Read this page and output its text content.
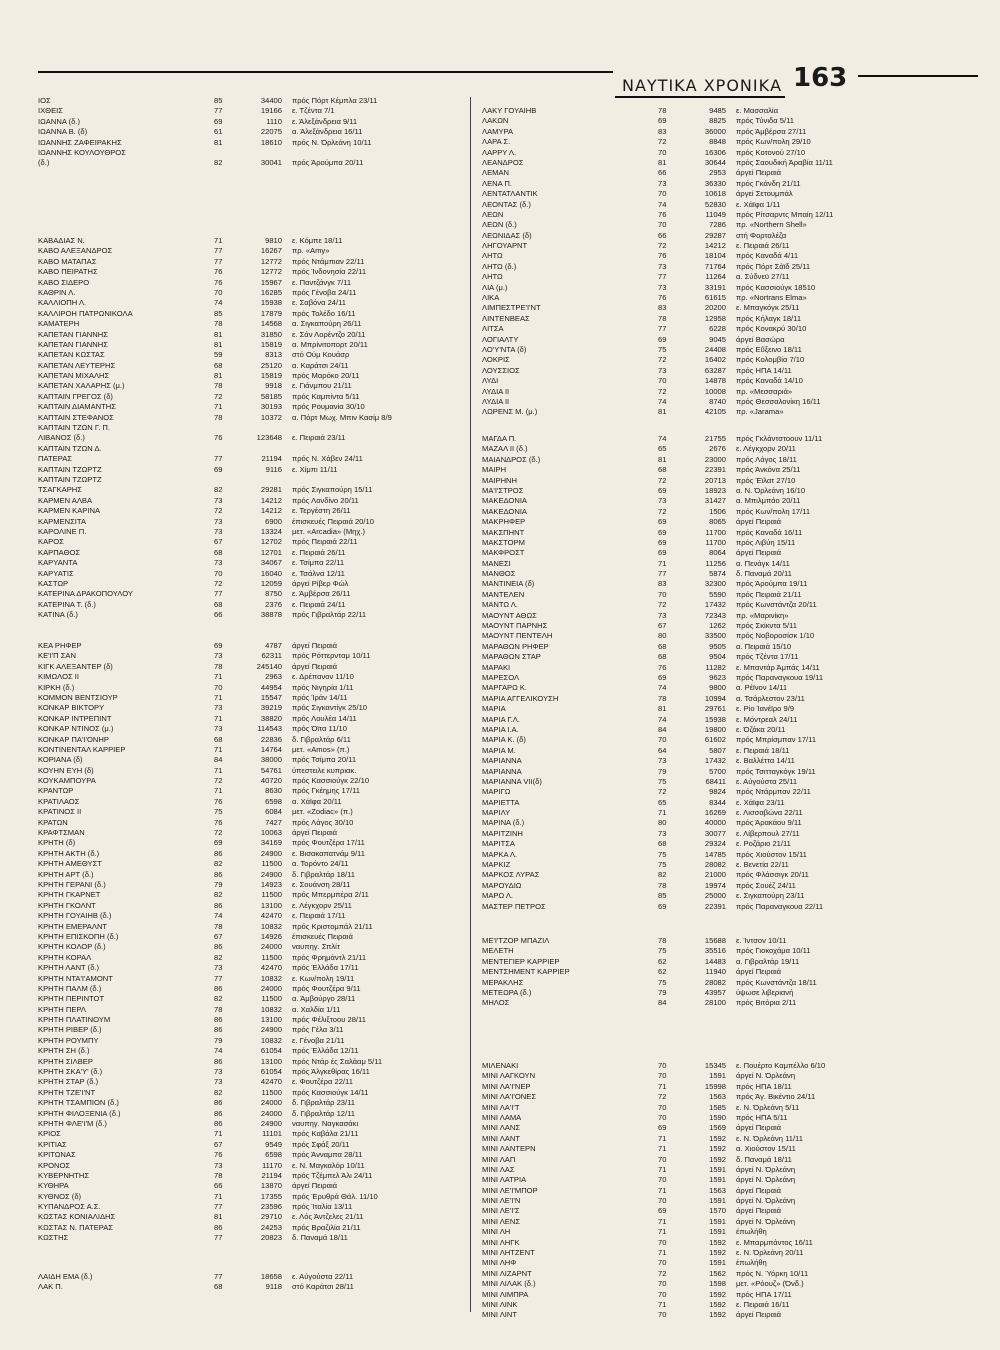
ΝΑΥΤΙΚΑ ΧΡΟΝΙΚΑ 163
ΙΟΣ	85	34400 πρός Πόρτ Κέμπλα 23/11
ΙΧΘΕΙΣ	77	19166 ε. Τζέντα 7/1
ΙΩΑΝΝΑ (δ.)	69	1110 ε. Άλεξάνδρεια 9/11
ΙΩΑΝΝΑ Β. (δ)	61	22075 α. Άλεξάνδρεια 16/11
ΙΩΑΝΝΗΣ ΖΑΦΕΙΡΑΚΗΣ	81	18610 πρός Ν. Όρλεάνη 10/11
ΙΩΑΝΝΗΣ ΚΟΥΛΟΥΘΡΟΣ
(δ.)	82	30041 πρός Άρούμπα 20/11
ΚΑΒΑΔΙΑΣ Ν.	71	9810 ε. Κόμπε 18/11
ΚΑΒΟ ΑΛΕΞΑΝΔΡΟΣ	77	16267 πρ. «Αmy»
ΚΑΒΟ ΜΑΤΑΠΑΣ	77	12772 πρός Ντάμπιαν 22/11
ΚΑΒΟ ΠΕΙΡΑΤΗΣ	76	12772 πρός Ίνδονησία 22/11
ΚΑΒΟ ΣΙΔΕΡΟ	76	15967 ε. Παντζάνγκ 7/11
ΚΑΘΡΙΝ Λ.	70	16285 πρός Γένοβα 24/11
ΚΑΛΛΙΟΠΗ Λ.	74	15938 ε. Σαβόνα 24/11
ΚΑΛΛΙΡΟΗ ΠΑΤΡΩΝΙΚΟΛΑ	85	17879 πρός Τολέδο 16/11
ΚΑΜΑΤΕΡΗ	78	14568 α. Σιγκαπούρη 26/11
ΚΑΠΕΤΑΝ ΓΙΑΝΝΗΣ	81	31850 ε. Σάν Λορέντζο 20/11
ΚΑΠΕΤΑΝ ΓΙΑΝΝΗΣ	81	15819 α. Μπρίνιτοπορτ 20/11
ΚΑΠΕΤΑΝ ΚΩΣΤΑΣ	59	8313 στό Ούμ Κουάσρ
ΚΑΠΕΤΑΝ ΛΕΥΤΕΡΗΣ	68	25120 α. Καράτσι 24/11
ΚΑΠΕΤΑΝ ΜΙΧΑΛΗΣ	81	15819 πρός Μαρόκο 20/11
ΚΑΠΕΤΑΝ ΧΑΛΑΡΗΣ (μ.)	78	9918 ε. Γιάνμπου 21/11
ΚΑΠΤΑΙΝ ΓΡΕΓΟΣ (δ)	72	58185 πρός Καμπίντα 5/11
ΚΑΠΤΑΙΝ ΔΙΑΜΑΝΤΗΣ	71	30193 πρός Ρουμανία 30/10
ΚΑΠΤΑΙΝ ΣΤΕΦΑΝΟΣ	78	10372 α. Πόρτ Μωχ. Μπιν Κασίμ 8/9
ΚΑΠΤΑΙΝ ΤΖΩΝ Γ. Π.
ΛΙΒΑΝΟΣ (δ.)	76	123648 ε. Πειραιά 23/11
ΚΑΠΤΑΙΝ ΤΖΩΝ Δ.
ΠΑΤΕΡΑΣ	77	21194 πρός Ν. Χάβεν 24/11
ΚΑΠΤΑΙΝ ΤΖΩΡΤΖ	69	9116 ε. Χίμπι 11/11
ΚΑΠΤΑΙΝ ΤΖΩΡΤΖ
ΤΣΑΓΚΑΡΗΣ	82	29281 πρός Σιγκαπούρη 15/11
ΚΑΡΜΕΝ ΑΛΒΑ	73	14212 πρός Λονδίνο 20/11
ΚΑΡΜΕΝ ΚΑΡΙΝΑ	72	14212 ε. Τεργέστη 26/11
ΚΑΡΜΕΝΣΙΤΑ	73	6900 έπισκευές Πειραιά 20/10
ΚΑΡΟΛΙΝΕ Π.	73	13324 μετ. «Arcadia» (Μηχ.)
ΚΑΡΟΣ	67	12702 πρός Πειραιά 22/11
ΚΑΡΠΑΘΟΣ	68	12701 ε. Πειραιά 26/11
ΚΑΡΥΑΝΤΑ	73	34067 ε. Τσίμπα 22/11
ΚΑΡΥΑΤΙΣ	70	16040 ε. Τσάλνα 12/11
ΚΑΣΤΩΡ	72	12059 άργεί Ρίβερ Φώλ
ΚΑΤΕΡΙΝΑ ΔΡΑΚΟΠΟΥΛΟΥ	77	8750 ε. Άμβέρσα 26/11
ΚΑΤΕΡΙΝΑ Τ. (δ.)	68	2376 ε. Πειραιά 24/11
ΚΑΤΙΝΑ (δ.)	66	38878 πρός Γιβραλτάρ 22/11
ΚΕΑ ΡΗΦΕΡ	69	4787 άργεί Πειραιά
ΚΕ'Ι'Π ΣΑΝ	73	62311 πρός Ρόττερνταμ 10/11
ΚΙΓΚ ΑΛΕΞΑΝΤΕΡ (δ)	78	245140 άργεί Πειραιά
ΚΙΜΩΛΟΣ ΙΙ	71	2963 ε. Δρέπανον 11/10
ΚΙΡΚΗ (δ.)	70	44954 πρός Νιγηρία 1/11
ΚΟΜΜΟΝ ΒΕΝΤΣΙΟΥΡ	71	15547 πρός Ίράν 14/11
ΚΟΝΚΑΡ ΒΙΚΤΟΡΥ	73	39219 πρός Σιγκαντίγκ 25/10
ΚΟΝΚΑΡ ΙΝΤΡΕΠΙΝΤ	71	38820 πρός Λουλέα 14/11
ΚΟΝΚΑΡ ΝΤΙΝΟΣ (μ.)	73	114543 πρός Όϊτα 11/10
ΚΟΝΚΑΡ ΠΑ'Ι'ΟΝΗΡ	68	22836 δ. Γιβραλτάρ 6/11
ΚΟΝΤΙΝΕΝΤΑΛ ΚΑΡΡΙΕΡ	71	14764 μετ. «Αmos» (π.)
ΚΟΡΙΑΝΑ (δ)	84	38000 πρός Τσίμπα 20/11
ΚΟΥΗΝ ΕΥΗ (δ)	71	54761 ύπεστειλε κυπριακ.
ΚΟΥΚΑΜΠΟΥΡΑ	72	40720 πρός Κασσιούγκ 22/10
ΚΡΑΝΤΩΡ	71	8630 πρός Γκέημης 17/11
ΚΡΑΤΙΛΑΟΣ	76	6598 α. Χάϊφα 20/11
ΚΡΑΤΙΝΟΣ ΙΙ	75	6084 μετ. «Ζodiac» (π.)
ΚΡΑΤΩΝ	76	7427 πρός Λάγος 30/10
ΚΡΑΦΤΣΜΑΝ	72	10063 άργεί Πειραιά
ΚΡΗΤΗ (δ)	69	34169 πρός Φουτζέρα 17/11
ΚΡΗΤΗ ΑΚΤΗ (δ.)	86	24900 ε. Βισακαπατνάμ 9/11
ΚΡΗΤΗ ΑΜΕΘΥΣΤ	82	11500 α. Τορόντο 24/11
ΚΡΗΤΗ ΑΡΤ (δ.)	86	24900 δ. Γιβραλτάρ 18/11
ΚΡΗΤΗ ΓΕΡΑΝΙ (δ.)	79	14923 ε. Σουάνση 28/11
ΚΡΗΤΗ ΓΚΑΡΝΕΤ	82	11500 πρός Μπερμπέρα 2/11
ΚΡΗΤΗ ΓΚΟΛΝΤ	86	13100 ε. Λέγκχορν 25/11
ΚΡΗΤΗ ΓΟΥΑΙΗΒ (δ.)	74	42470 ε. Πειραιά 17/11
ΚΡΗΤΗ ΕΜΕΡΑΛΝΤ	78	10832 πρός Κριστομπάλ 21/11
ΚΡΗΤΗ ΕΠΙΣΚΟΠΗ (δ.)	67	14926 έπισκευές Πειραιά
ΚΡΗΤΗ ΚΟΛΟΡ (δ.)	86	24000 ναυπηγ. Σπλίτ
ΚΡΗΤΗ ΚΟΡΑΛ	82	11500 πρός Φρημάντλ 21/11
ΚΡΗΤΗ ΛΑΝΤ (δ.)	73	42470 πρός Έλλάδα 17/11
ΚΡΗΤΗ ΝΤΑ'Ι'ΑΜΟΝΤ	77	10832 ε. Κων/πολη 19/11
ΚΡΗΤΗ ΠΑΛΜ (δ.)	86	24000 πρός Φουτζέρα 9/11
ΚΡΗΤΗ ΠΕΡΙΝΤΟΤ	82	11500 α. Άμβούργο 28/11
ΚΡΗΤΗ ΠΕΡΛ	78	10832 α. Χαλδία 1/11
ΚΡΗΤΗ ΠΛΑΤΙΝΟΥΜ	86	13100 πρός Φέλιξτοου 28/11
ΚΡΗΤΗ ΡΙΒΕΡ (δ.)	86	24900 πρός Γέλα 3/11
ΚΡΗΤΗ ΡΟΥΜΠΥ	79	10832 ε. Γένοβα 21/11
ΚΡΗΤΗ ΣΗ (δ.)	74	61054 πρός Έλλάδα 12/11
ΚΡΗΤΗ ΣΙΛΒΕΡ	86	13100 πρός Ντάρ ές Σαλάαμ 5/11
ΚΡΗΤΗ ΣΚΑ'Υ' (δ.)	73	61054 πρός Άλγκεθίρας 16/11
ΚΡΗΤΗ ΣΤΑΡ (δ.)	73	42470 ε. Φουτζέρα 22/11
ΚΡΗΤΗ ΤΖΕ'Ι'ΝΤ	82	11500 πρός Κασσιούγκ 14/11
ΚΡΗΤΗ ΤΣΑΜΠΙΟΝ (δ.)	86	24000 δ. Γιβραλτάρ 23/11
ΚΡΗΤΗ ΦΙΛΟΞΕΝΙΑ (δ.)	86	24000 δ. Γιβραλτάρ 12/11
ΚΡΗΤΗ ΦΛΕ'Ι'Μ (δ.)	86	24900 ναυπηγ. Ναγκασάκι
ΚΡΙΟΣ	71	11101 πρός Καβάλα 21/11
ΚΡΙΤΙΑΣ	67	9549 πρός Σφάξ 20/11
ΚΡΙΤΩΝΑΣ	76	6598 πρός Άνναμπα 28/11
ΚΡΟΝΟΣ	73	11170 ε. Ν. Μαγκαλόρ 10/11
ΚΥΒΕΡΝΗΤΗΣ	78	21194 πρός Τζέμπελ Άλι 24/11
ΚΥΘΗΡΑ	66	13870 άργεί Πειραιά
ΚΥΘΝΟΣ (δ)	71	17355 πρός Έρυθρά Θάλ. 11/10
ΚΥΠΑΝΔΡΟΣ Α.Σ.	77	23596 πρός Ίταλία 13/11
ΚΩΣΤΑΣ ΚΟΝΙΑΛΙΔΗΣ	81	29710 ε. Λός Άντζελες 21/11
ΚΩΣΤΑΣ Ν. ΠΑΤΕΡΑΣ	86	24253 πρός Βραζιλία 21/11
ΚΩΣΤΗΣ	77	20823 δ. Παναμά 18/11
ΛΑΙΔΗ ΕΜΑ (δ.)	77	18658 ε. Αύγούστα 22/11
ΛΑΚ Π.	68	9118 στό Καράτσι 28/11
ΛΑΚΥ ΓΟΥΑΙΗΒ	78	9485 ε. Μασσαλία
ΛΑΚΩΝ	69	8825 πρός Τύνιδα 5/11
ΛΑΜΥΡΑ	83	36000 πρός Άμβέρσα 27/11
ΛΑΡΑ Σ.	72	8848 πρός Κων/πολη 29/10
ΛΑΡΡΥ Λ.	70	16306 πρός Κοτονού 27/10
ΛΕΑΝΔΡΟΣ	81	30644 πρός Σαουδική Άραβία 11/11
ΛΕΜΑΝ	66	2953 άργεί Πειραιά
ΛΕΝΑ Π.	73	36330 πρός Γκάνδη 21/11
ΛΕΝΤΑΤΛΑΝΤΙΚ	70	10618 άργεί Σετουμπάλ
ΛΕΟΝΤΑΣ (δ.)	74	52830 ε. Χάϊφα 1/11
ΛΕΩΝ	76	11049 πρός Ρίτσαρντς Μπαίη 12/11
ΛΕΩΝ (δ.)	70	7286 πρ. «Northern Shell»
ΛΕΩΝΙΔΑΣ (δ)	66	29287 στή Φορταλέζα
ΛΗΓΟΥΑΡΝΤ	72	14212 ε. Πειραιά 26/11
ΛΗΤΩ	76	18104 πρός Καναδά 4/11
ΛΗΤΩ (δ.)	73	71764 πρός Πόρτ Σάϊδ 25/11
ΛΗΤΩ	77	11264 α. Σύδνεϋ 27/11
ΛΙΑ (μ.)	73	33191 πρός Κασσιούγκ 18510
ΛΙΚΑ	76	61615 πρ. «Nortrans Elma»
ΛΙΜΠΕΣΤΡΕ'Ι'ΝΤ	83	20200 ε. Μπαγκόγκ 25/11
ΛΙΝΤΕΝΒΕΑΣ	78	12958 πρός Κήλαγκ 18/11
ΛΙΤΣΑ	77	6228 πρός Κονακρύ 30/10
ΛΟΓΙΑΛΤΥ	69	9045 άργεί Βασώρα
ΛΟ'Υ'ΝΤΑ (δ)	75	24408 πρός Εΰξεινο 18/11
ΛΟΚΡΙΣ	72	16402 πρός Κολομβία 7/10
ΛΟΥΣΣΙΟΣ	73	63287 πρός ΗΠΑ 14/11
ΛΥΔΙ	70	14878 πρός Καναδά 14/10
ΛΥΔΙΑ ΙΙ	72	10008 πρ. «Μεσσαριά»
ΛΥΔΙΑ ΙΙ	74	8740 πρός Θεσσαλονίκη 16/11
ΛΩΡΕΝΣ Μ. (μ.)	81	42105 πρ. «Jarama»
ΜΑΓΔΑ Π.	74	21755 πρός Γκλάντστοουν 11/11
ΜΑΖΑΛ ΙΙ (δ.)	65	2676 ε. Λέγκχορν 20/11
ΜΑΙΑΝΔΡΟΣ (δ.)	81	23000 πρός Λάγος 18/11
ΜΑΙΡΗ	68	22391 πρός Άνκόνα 25/11
ΜΑΙΡΗΝΗ	72	20713 πρός Έϊλατ 27/10
ΜΑ'Ι'ΣΤΡΟΣ	69	18923 α. Ν. Όρλεάνη 16/10
ΜΑΚΕΔΟΝΙΑ	73	31427 α. Μπιλμπάο 20/11
ΜΑΚΕΔΟΝΙΑ	72	1506 πρός Κων/πολη 17/11
ΜΑΚΡΗΦΕΡ	69	8065 άργεί Πειραιά
ΜΑΚΣΠΗΝΤ	69	11700 πρός Καναδά 16/11
ΜΑΚΣΤΟΡΜ	69	11700 πρός Λιβύη 15/11
ΜΑΚΦΡΟΣΤ	69	8064 άργεί Πειραιά
ΜΑΝΕΣΙ	71	11256 α. Πενάγκ 14/11
ΜΑΝΘΟΣ	77	5874 δ. Παναμά 20/11
ΜΑΝΤΙΝΕΙΑ (δ)	83	32300 πρός Άρούμπα 19/11
ΜΑΝΤΕΛΕΝ	70	5590 πρός Πειραιά 21/11
ΜΑΝΤΩ Λ.	72	17432 πρός Κωνστάντζα 20/11
ΜΑΟΥΝΤ ΑΘΩΣ	73	72343 πρ. «Μαρινίκη»
ΜΑΟΥΝΤ ΠΑΡΝΗΣ	67	1262 πρός Σκίκντα 5/11
ΜΑΟΥΝΤ ΠΕΝΤΕΛΗ	80	33500 πρός Νοβοροσίσκ 1/10
ΜΑΡΑΘΩΝ ΡΗΦΕΡ	68	9505 α. Πειραιά 15/10
ΜΑΡΑΘΩΝ ΣΤΑΡ	68	9504 πρός Τζέντα 17/11
ΜΑΡΑΚΙ	76	11282 ε. Μπαντάρ Άμπάς 14/11
ΜΑΡΕΣΟΛ	69	9623 πρός Παραναγκουα 19/11
ΜΑΡΓΑΡΩ Κ.	74	9800 α. Ρέϊνον 14/11
ΜΑΡΙΑ ΑΓΓΕΛΙΚΟΥΣΗ	78	10994 α. Τσάρλεστον 23/11
ΜΑΡΙΑ	81	29761 ε. Ρίο Ίανέϊρο 9/9
ΜΑΡΙΑ Γ.Λ.	74	15938 ε. Μόντρεαλ 24/11
ΜΑΡΙΑ Ι.Α.	84	19800 ε. Όζάκα 20/11
ΜΑΡΙΑ Κ. (δ)	70	61602 πρός Μπρίσμπαν 17/11
ΜΑΡΙΑ Μ.	64	5807 ε. Πειραιά 18/11
ΜΑΡΙΑΝΝΑ	73	17432 ε. Βαλλέττα 14/11
ΜΑΡΙΑΝΝΑ	79	5700 πρός Τσιτταγκόγκ 19/11
ΜΑΡΙΑΝΝΑ VII(δ)	75	68411 ε. Αύγούστα 25/11
ΜΑΡΙΓΩ	72	9824 πρός Ντάρμπαν 22/11
ΜΑΡΙΕΤΤΑ	65	8344 ε. Χάϊφα 23/11
ΜΑΡΙΛΥ	71	16269 ε. Λισσαβώνα 22/11
ΜΑΡΙΝΑ (δ.)	80	40000 πρός Άρακάου 9/11
ΜΑΡΙΤΖΙΝΗ	73	30077 ε. Λίβερπουλ 27/11
ΜΑΡΙΤΣΑ	68	29324 ε. Ροζάριο 21/11
ΜΑΡΚΑ Λ.	75	14785 πρός Χιούστον 15/11
ΜΑΡΚΙΖ	75	28082 ε. Βενετία 22/11
ΜΑΡΚΟΣ ΛΥΡΑΣ	82	21000 πρός Φλάσσιγκ 20/11
ΜΑΡΟΥΔΙΩ	78	19974 πρός Σουέζ 24/11
ΜΑΡΩ Λ.	85	25000 ε. Σιγκαπούρη 23/11
ΜΑΣΤΕΡ ΠΕΤΡΟΣ	69	22391 πρός Παραναγκουα 22/11
ΜΕ'Ι'ΤΖΟΡ ΜΠΑΖΙΛ	78	15688 ε. Ίντσον 10/11
ΜΕΛΕΤΗ	75	35516 πρός Γιοκοχάμα 10/11
ΜΕΝΤΕΓΙΕΡ ΚΑΡΡΙΕΡ	62	14483 α. Γιβραλτάρ 19/11
ΜΕΝΤΣΗΜΕΝΤ ΚΑΡΡΙΕΡ	62	11940 άργεί Πειραιά
ΜΕΡΑΚΛΗΣ	75	28082 πρός Κωνστάντζα 18/11
ΜΕΤΕΩΡΑ (δ.)	79	43957 ύψωσε λιβεριανή
ΜΗΛΟΣ	84	28100 πρός Βιτόρια 2/11
ΜΙΛΕΝΑΚΙ	70	15345 ε. Πουέρτο Καμπέλλο 6/10
ΜΙΝΙ ΛΑΓΚΟΥΝ	70	1591 άργεί Ν. Όρλεάνη
ΜΙΝΙ ΛΑ'Ι'ΝΕΡ	71	15998 πρός ΗΠΑ 18/11
ΜΙΝΙ ΛΑ'Ι'ΟΝΕΣ	72	1563 πρός Άγ. Βικέντιο 24/11
ΜΙΝΙ ΛΑ'Ι'Τ	70	1585 ε. Ν. Όρλεάνη 5/11
ΜΙΝΙ ΛΑΜΑ	70	1590 πρός ΗΠΑ 5/11
ΜΙΝΙ ΛΑΝΣ	69	1569 άργεί Πειραιά
ΜΙΝΙ ΛΑΝΤ	71	1592 ε. Ν. Όρλεάνη 11/11
ΜΙΝΙ ΛΑΝΤΕΡΝ	71	1592 α. Χιούστον 15/11
ΜΙΝΙ ΛΑΠ	70	1592 δ. Παναμά 18/11
ΜΙΝΙ ΛΑΣ	71	1591 άργεί Ν. Όρλεάνη
ΜΙΝΙ ΛΑΤΡΙΑ	70	1591 άργεί Ν. Όρλεάνη
ΜΙΝΙ ΛΕ'Ι'ΜΠΟΡ	71	1563 άργεί Πειραιά
ΜΙΝΙ ΛΕ'Ι'Ν	70	1591 άργεί Ν. Όρλεάνη
ΜΙΝΙ ΛΕ'Ι'Σ	69	1570 άργεί Πειραιά
ΜΙΝΙ ΛΕΝΣ	71	1591 άργεί Ν. Όρλεάνη
ΜΙΝΙ ΛΗ	71	1591 έπωλήθη
ΜΙΝΙ ΛΗΓΚ	70	1592 ε. Μπαρμπάντος 16/11
ΜΙΝΙ ΛΗΤΖΕΝΤ	71	1592 ε. Ν. Όρλεάνη 20/11
ΜΙΝΙ ΛΗΦ	70	1591 έπωλήθη
ΜΙΝΙ ΛΙΖΑΡΝΤ	72	1562 πρός Ν. Ύόρκη 10/11
ΜΙΝΙ ΛΙΛΑΚ (δ.)	70	1598 μετ. «Ρόουζ» (Όνδ.)
ΜΙΝΙ ΛΙΜΠΡΑ	70	1592 πρός ΗΠΑ 17/11
ΜΙΝΙ ΛΙΝΚ	71	1592 ε. Πειραιά 16/11
ΜΙΝΙ ΛΙΝΤ	70	1592 άργεί Πειραιά
